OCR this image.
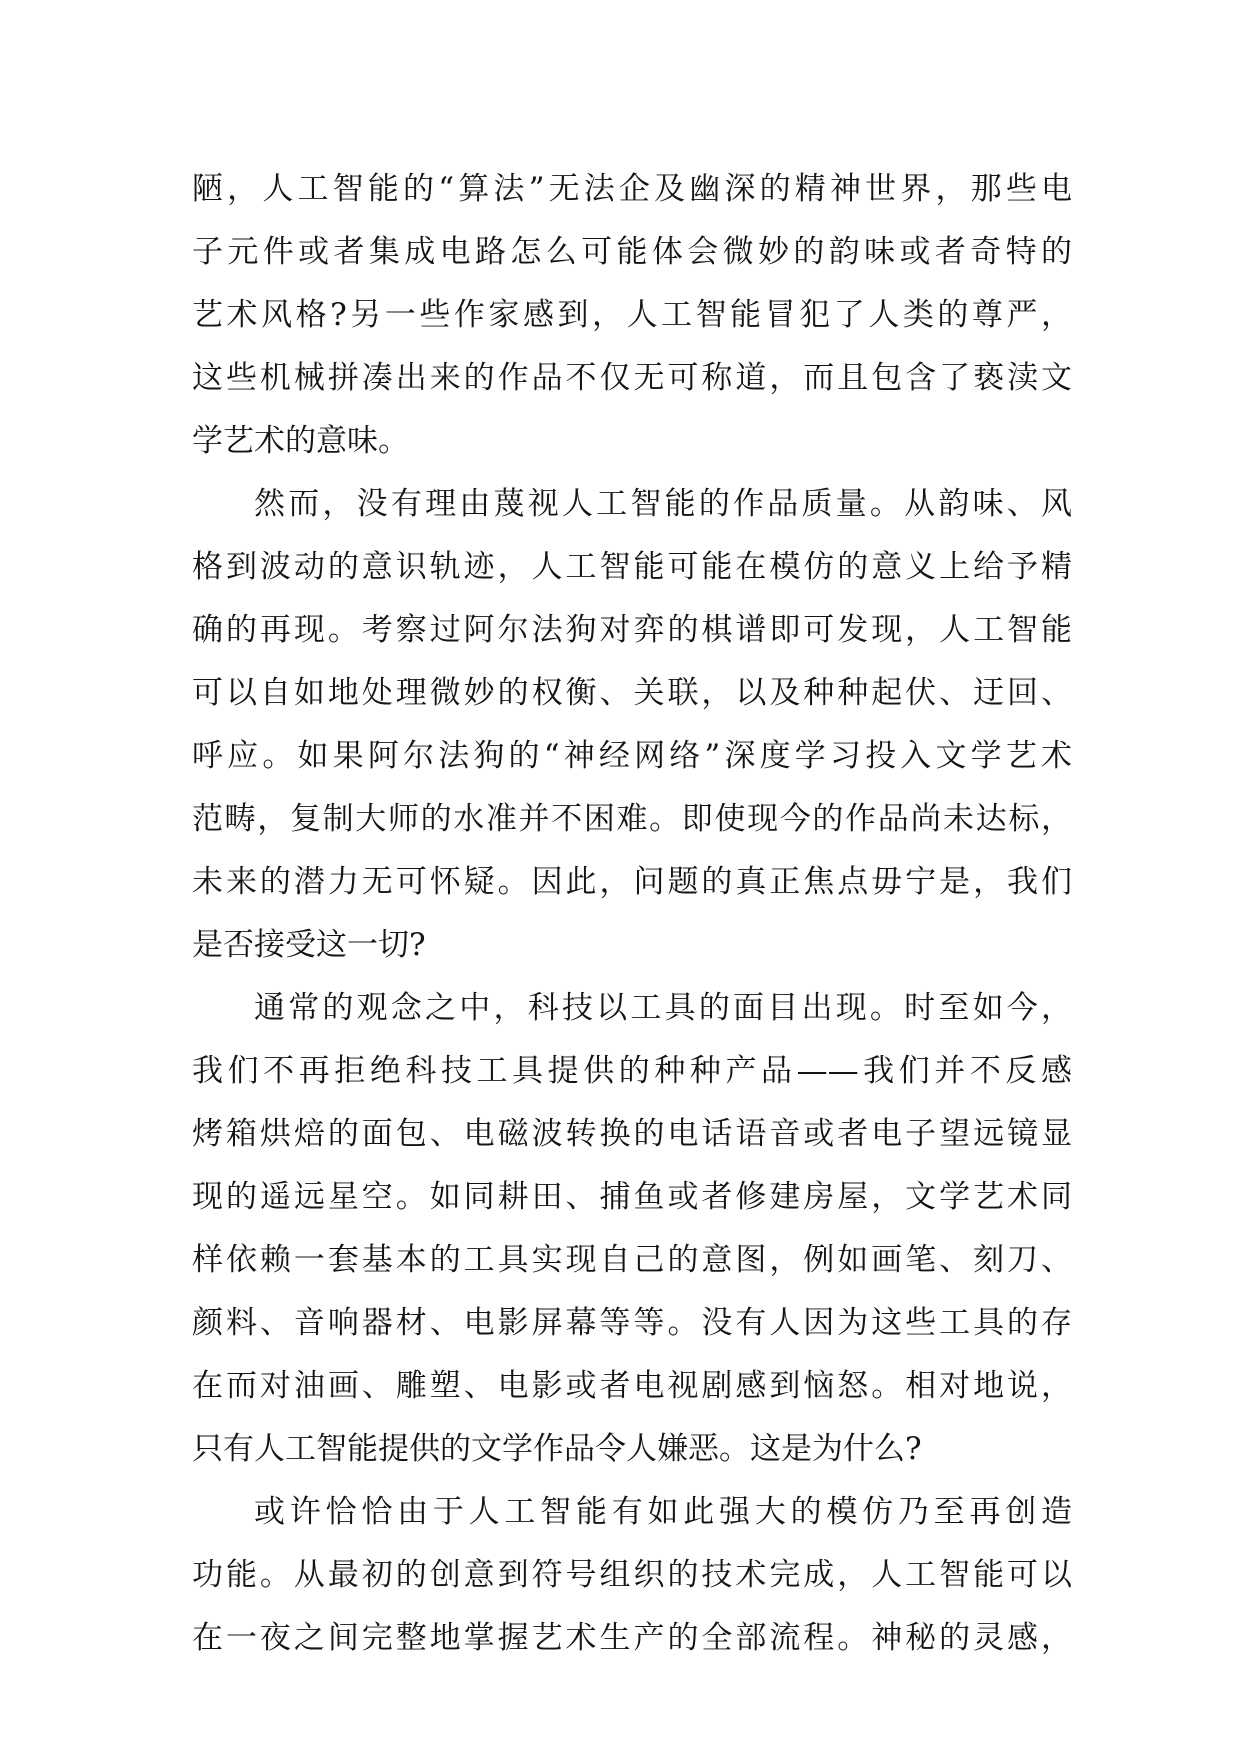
陋，人工智能的“算法”无法企及幽深的精神世界，那些电
子元件或者集成电路怎么可能体会微妙的韵味或者奇特的
艺术风格?另一些作家感到，人工智能冒犯了人类的尊严，
这些机械拼凑出来的作品不仅无可称道，而且包含了亵渎文
学艺术的意味。
然而，没有理由蔑视人工智能的作品质量。从韵味、风
格到波动的意识轨迹，人工智能可能在模仿的意义上给予精
确的再现。考察过阿尔法狗对弈的棋谱即可发现，人工智能
可以自如地处理微妙的权衡、关联，以及种种起伏、迂回、
呼应。如果阿尔法狗的“神经网络”深度学习投入文学艺术
范畴，复制大师的水准并不困难。即使现今的作品尚未达标，
未来的潜力无可怀疑。因此，问题的真正焦点毋宁是，我们
是否接受这一切?
通常的观念之中，科技以工具的面目出现。时至如今，
我们不再拒绝科技工具提供的种种产品——我们并不反感
烤箱烘焙的面包、电磁波转换的电话语音或者电子望远镜显
现的遥远星空。如同耕田、捕鱼或者修建房屋，文学艺术同
样依赖一套基本的工具实现自己的意图，例如画笔、刻刀、
颜料、音响器材、电影屏幕等等。没有人因为这些工具的存
在而对油画、雕塑、电影或者电视剧感到恼怒。相对地说，
只有人工智能提供的文学作品令人嫌恶。这是为什么?
或许恰恰由于人工智能有如此强大的模仿乃至再创造
功能。从最初的创意到符号组织的技术完成，人工智能可以
在一夜之间完整地掌握艺术生产的全部流程。神秘的灵感，
